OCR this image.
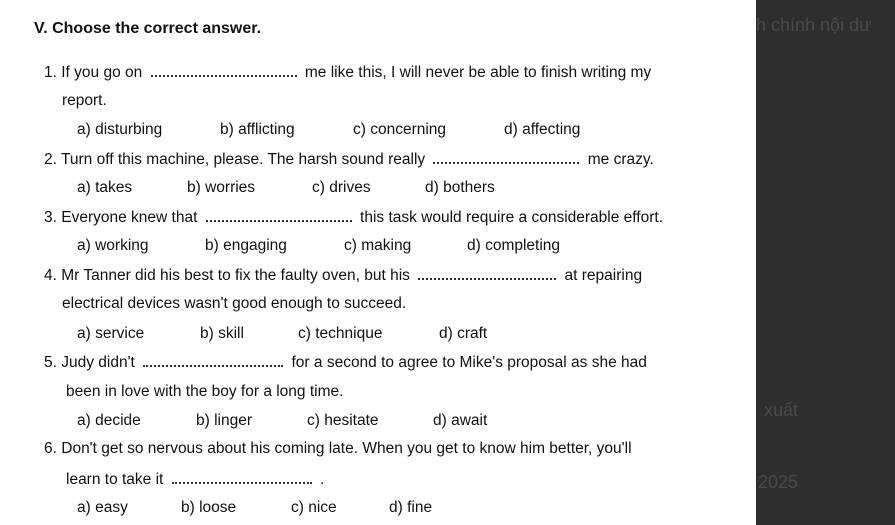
V. Choose the correct answer.
1. If you go on	me like this, I will never be able to finish writing my
report.
a) disturbing	b) afflicting	c) concerning	d) affecting
2. Turn off this machine, please. The harsh sound really	me crazy.
a) takes	b) worries	c) drives	d) bothers
3. Everyone knew that	this task would require a considerable effort.
a) working	b) engaging	c) making	d) completing
4. Mr Tanner did his best to fix the faulty oven, but his	at repairing
electrical devices wasn't good enough to succeed.
a) service	b) skill	c) technique	d) craft
5. Judy didn't	for a second to agree to Mike's proposal as she had
been in love with the boy for a long time.
a) decide	b) linger	c) hesitate	d) await
6. Don't get so nervous about his coming late. When you get to know him better, you'll
learn to take it	.
a) easy	b) loose	c) nice	d) fine
h chính nội dư
xuất
2025
